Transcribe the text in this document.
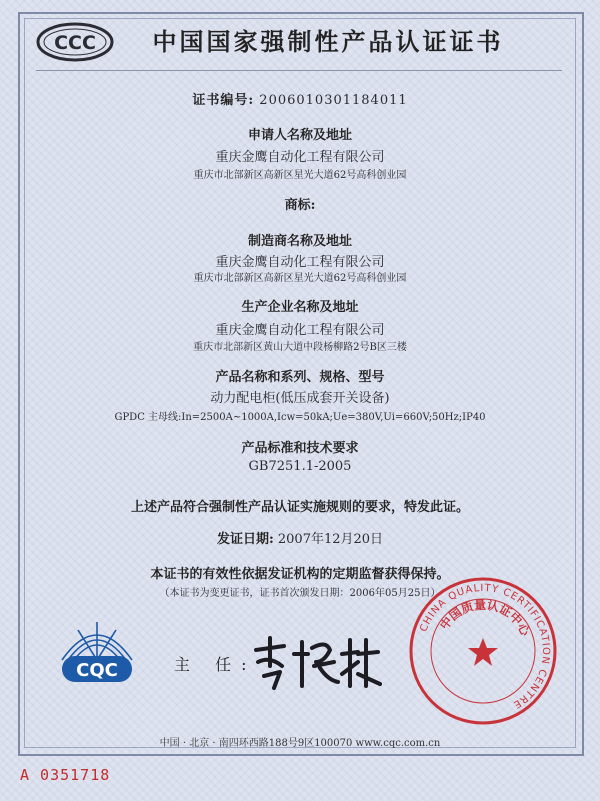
CCC	中国国家强制性产品认证证书
证书编号: 2006010301184011
申请人名称及地址
重庆金鹰自动化工程有限公司
重庆市北部新区高新区星光大道62号高科创业园
商标:
制造商名称及地址
重庆金鹰自动化工程有限公司
重庆市北部新区高新区星光大道62号高科创业园
生产企业名称及地址
重庆金鹰自动化工程有限公司
重庆市北部新区黄山大道中段杨柳路2号B区三楼
产品名称和系列、规格、型号
动力配电柜(低压成套开关设备)
GPDC 主母线:In=2500A~1000A,Icw=50kA;Ue=380V,Ui=660V;50Hz;IP40
产品标准和技术要求
GB7251.1-2005
上述产品符合强制性产品认证实施规则的要求，特发此证。
发证日期: 2007年12月20日
本证书的有效性依据发证机构的定期监督获得保持。
（本证书为变更证书，证书首次颁发日期：2006年05月25日）
CQC	主 任:
CHINA QUALITY CERTIFICATION CENTRE
中国质量认证中心
中国 · 北京 · 南四环西路188号9区100070 www.cqc.com.cn
A 0351718
